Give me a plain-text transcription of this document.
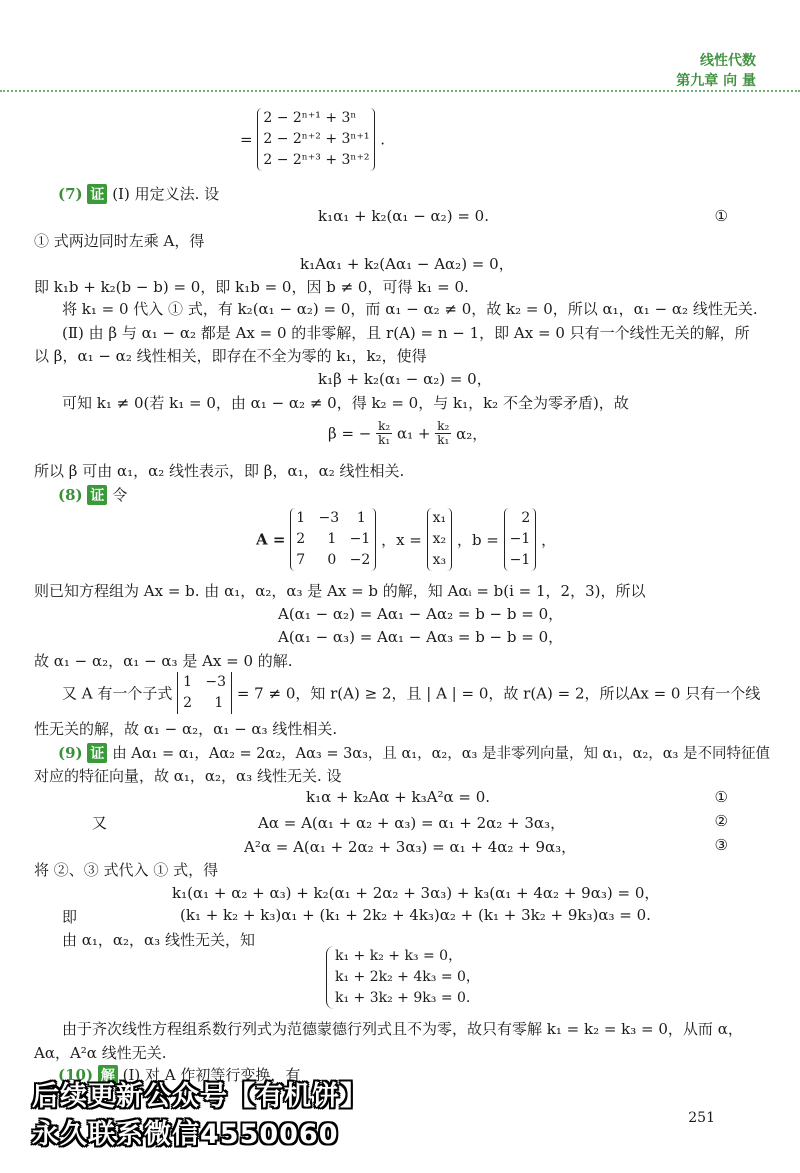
线性代数
第九章 向 量
=
2 − 2ⁿ⁺¹ + 3ⁿ
2 − 2ⁿ⁺² + 3ⁿ⁺¹
2 − 2ⁿ⁺³ + 3ⁿ⁺²
.
(7) 证 (Ⅰ) 用定义法. 设
k₁α₁ + k₂(α₁ − α₂) = 0.	①
① 式两边同时左乘 A，得
k₁Aα₁ + k₂(Aα₁ − Aα₂) = 0，
即 k₁b + k₂(b − b) = 0，即 k₁b = 0，因 b ≠ 0，可得 k₁ = 0.
将 k₁ = 0 代入 ① 式，有 k₂(α₁ − α₂) = 0，而 α₁ − α₂ ≠ 0，故 k₂ = 0，所以 α₁，α₁ − α₂ 线性无关.
(Ⅱ) 由 β 与 α₁ − α₂ 都是 Ax = 0 的非零解，且 r(A) = n − 1，即 Ax = 0 只有一个线性无关的解，所
以 β，α₁ − α₂ 线性相关，即存在不全为零的 k₁，k₂，使得
k₁β + k₂(α₁ − α₂) = 0，
可知 k₁ ≠ 0(若 k₁ = 0，由 α₁ − α₂ ≠ 0，得 k₂ = 0，与 k₁，k₂ 不全为零矛盾)，故
β = − $\frac{\text{k₂}}{\text{k₁}} \alpha_1 + \frac{\text{k₂}}{\text{k₁}} \alpha_2$，
所以 β 可由 α₁，α₂ 线性表示，即 β，α₁，α₂ 线性相关.
(8) 证 令
A =
1   −3    1
2     1   −1
7     0   −2
，x =
x₁
x₂
x₃
，b =
2
−1
−1
，
则已知方程组为 Ax = b. 由 α₁，α₂，α₃ 是 Ax = b 的解，知 Aαᵢ = b(i = 1，2，3)，所以
A(α₁ − α₂) = Aα₁ − Aα₂ = b − b = 0，
A(α₁ − α₃) = Aα₁ − Aα₃ = b − b = 0，
故 α₁ − α₂，α₁ − α₃ 是 Ax = 0 的解.
又 A 有一个子式
1   −3
2     1
= 7 ≠ 0，知 r(A) ≥ 2，且 | A | = 0，故 r(A) = 2，所以Ax = 0 只有一个线
性无关的解，故 α₁ − α₂，α₁ − α₃ 线性相关.
(9) 证 由 Aα₁ = α₁，Aα₂ = 2α₂，Aα₃ = 3α₃，且 α₁，α₂，α₃ 是非零列向量，知 α₁，α₂，α₃ 是不同特征值
对应的特征向量，故 α₁，α₂，α₃ 线性无关. 设
k₁α + k₂Aα + k₃A²α = 0.	①
又	Aα = A(α₁ + α₂ + α₃) = α₁ + 2α₂ + 3α₃，	②
A²α = A(α₁ + 2α₂ + 3α₃) = α₁ + 4α₂ + 9α₃，	③
将 ②、③ 式代入 ① 式，得
k₁(α₁ + α₂ + α₃) + k₂(α₁ + 2α₂ + 3α₃) + k₃(α₁ + 4α₂ + 9α₃) = 0，
即	(k₁ + k₂ + k₃)α₁ + (k₁ + 2k₂ + 4k₃)α₂ + (k₁ + 3k₂ + 9k₃)α₃ = 0.
由 α₁，α₂，α₃ 线性无关，知
k₁ + k₂ + k₃ = 0，
k₁ + 2k₂ + 4k₃ = 0，
k₁ + 3k₂ + 9k₃ = 0.
由于齐次线性方程组系数行列式为范德蒙德行列式且不为零，故只有零解 k₁ = k₂ = k₃ = 0，从而 α，
Aα，A²α 线性无关.
(10) 解 (Ⅰ) 对 A 作初等行变换，有
后续更新公众号【有机饼】
永久联系微信4550060
251
